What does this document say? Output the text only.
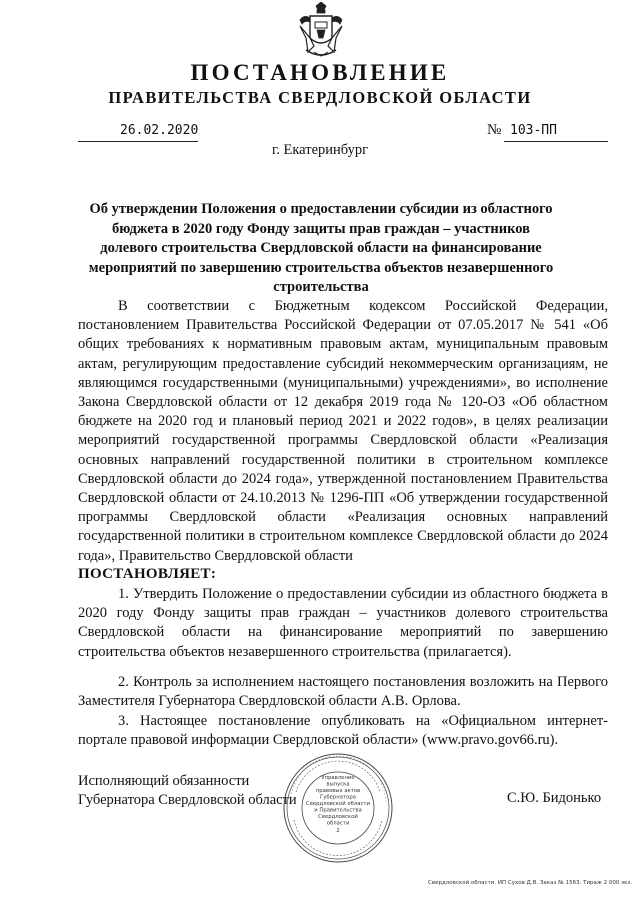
ПОСТАНОВЛЕНИЕ
ПРАВИТЕЛЬСТВА СВЕРДЛОВСКОЙ ОБЛАСТИ
26.02.2020	№ 103-ПП
г. Екатеринбург
Об утверждении Положения о предоставлении субсидии из областного бюджета в 2020 году Фонду защиты прав граждан – участников долевого строительства Свердловской области на финансирование мероприятий по завершению строительства объектов незавершенного строительства
В соответствии с Бюджетным кодексом Российской Федерации, постановлением Правительства Российской Федерации от 07.05.2017 № 541 «Об общих требованиях к нормативным правовым актам, муниципальным правовым актам, регулирующим предоставление субсидий некоммерческим организациям, не являющимся государственными (муниципальными) учреждениями», во исполнение Закона Свердловской области от 12 декабря 2019 года № 120-ОЗ «Об областном бюджете на 2020 год и плановый период 2021 и 2022 годов», в целях реализации мероприятий государственной программы Свердловской области «Реализация основных направлений государственной политики в строительном комплексе Свердловской области до 2024 года», утвержденной постановлением Правительства Свердловской области от 24.10.2013 № 1296-ПП «Об утверждении государственной программы Свердловской области «Реализация основных направлений государственной политики в строительном комплексе Свердловской области до 2024 года», Правительство Свердловской области
ПОСТАНОВЛЯЕТ:
1. Утвердить Положение о предоставлении субсидии из областного бюджета в 2020 году Фонду защиты прав граждан – участников долевого строительства Свердловской области на финансирование мероприятий по завершению строительства объектов незавершенного строительства (прилагается).
2. Контроль за исполнением настоящего постановления возложить на Первого Заместителя Губернатора Свердловской области А.В. Орлова.
3. Настоящее постановление опубликовать на «Официальном интернет-портале правовой информации Свердловской области» (www.pravo.gov66.ru).
Исполняющий обязанности
Губернатора Свердловской области	С.Ю. Бидонько
Управление
выпуска
правовых актов
Губернатора
Свердловской области
и Правительства
Свердловской
области
2
Свердловской области. ИП Сухов Д.В. Заказ № 1563. Тираж 2 000 экз.
